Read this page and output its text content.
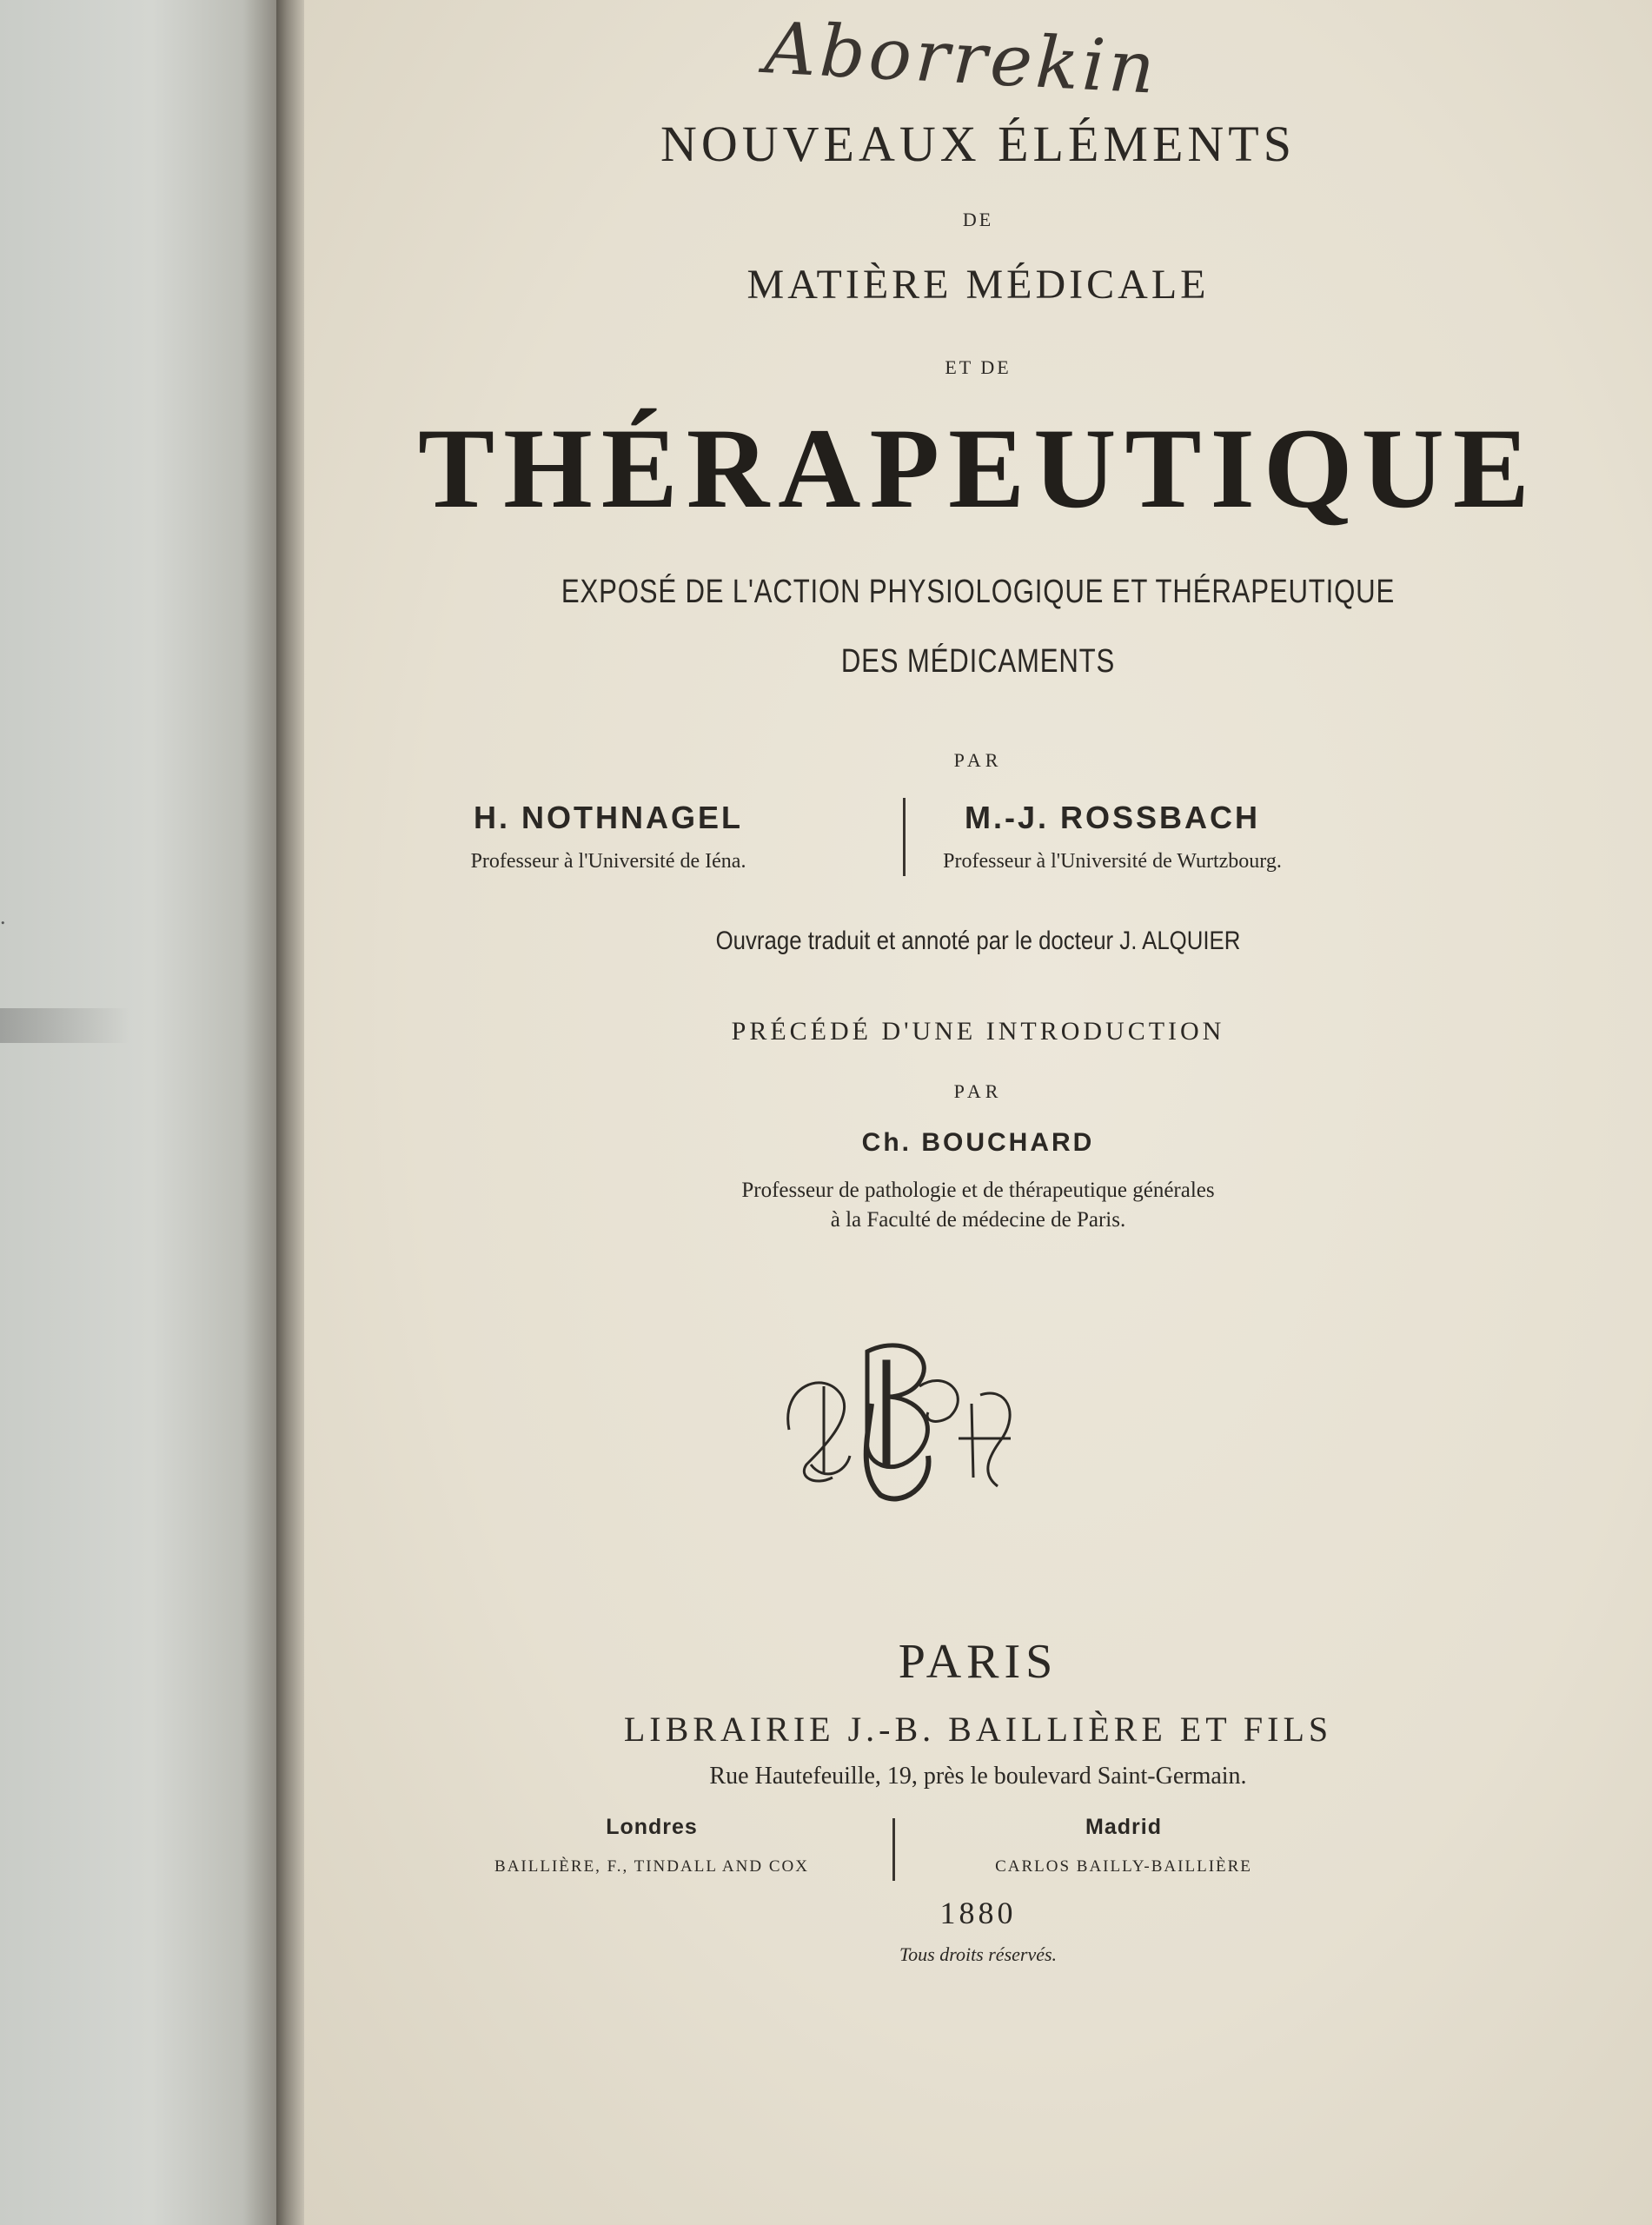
.
Aborrekin
NOUVEAUX ÉLÉMENTS
DE
MATIÈRE MÉDICALE
ET DE
THÉRAPEUTIQUE
EXPOSÉ DE L'ACTION PHYSIOLOGIQUE ET THÉRAPEUTIQUE
DES MÉDICAMENTS
PAR
H. NOTHNAGEL
Professeur à l'Université de Iéna.
M.-J. ROSSBACH
Professeur à l'Université de Wurtzbourg.
Ouvrage traduit et annoté par le docteur J. ALQUIER
PRÉCÉDÉ D'UNE INTRODUCTION
PAR
Ch. BOUCHARD
Professeur de pathologie et de thérapeutique générales
à la Faculté de médecine de Paris.
PARIS
LIBRAIRIE J.-B. BAILLIÈRE ET FILS
Rue Hautefeuille, 19, près le boulevard Saint-Germain.
Londres
BAILLIÈRE, F., TINDALL AND COX
Madrid
CARLOS BAILLY-BAILLIÈRE
1880
Tous droits réservés.
